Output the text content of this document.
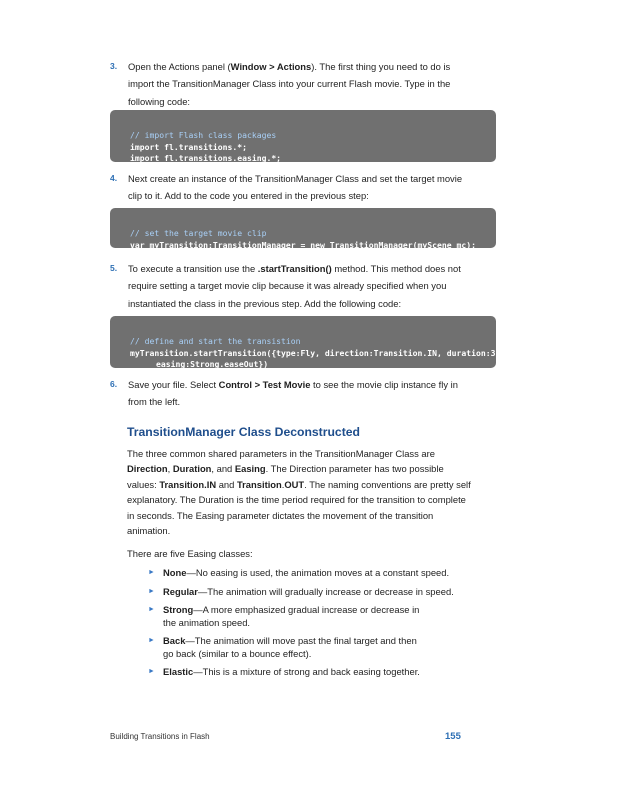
3. Open the Actions panel (Window > Actions). The first thing you need to do is import the TransitionManager Class into your current Flash movie. Type in the following code:

// import Flash class packages
import fl.transitions.*;
import fl.transitions.easing.*;
4. Next create an instance of the TransitionManager Class and set the target movie clip to it. Add to the code you entered in the previous step:

// set the target movie clip
var myTransition:TransitionManager = new TransitionManager(myScene_mc);
5. To execute a transition use the .startTransition() method. This method does not require setting a target movie clip because it was already specified when you instantiated the class in the previous step. Add the following code:

// define and start the transistion
myTransition.startTransition({type:Fly, direction:Transition.IN, duration:3,
easing:Strong.easeOut})
6. Save your file. Select Control > Test Movie to see the movie clip instance fly in from the left.
TransitionManager Class Deconstructed
The three common shared parameters in the TransitionManager Class are Direction, Duration, and Easing. The Direction parameter has two possible values: Transition.IN and Transition.OUT. The naming conventions are pretty self explanatory. The Duration is the time period required for the transition to complete in seconds. The Easing parameter dictates the movement of the transition animation.
There are five Easing classes:
► None—No easing is used, the animation moves at a constant speed.
► Regular—The animation will gradually increase or decrease in speed.
► Strong—A more emphasized gradual increase or decrease in the animation speed.
► Back—The animation will move past the final target and then go back (similar to a bounce effect).
► Elastic—This is a mixture of strong and back easing together.
Building Transitions in Flash	155
